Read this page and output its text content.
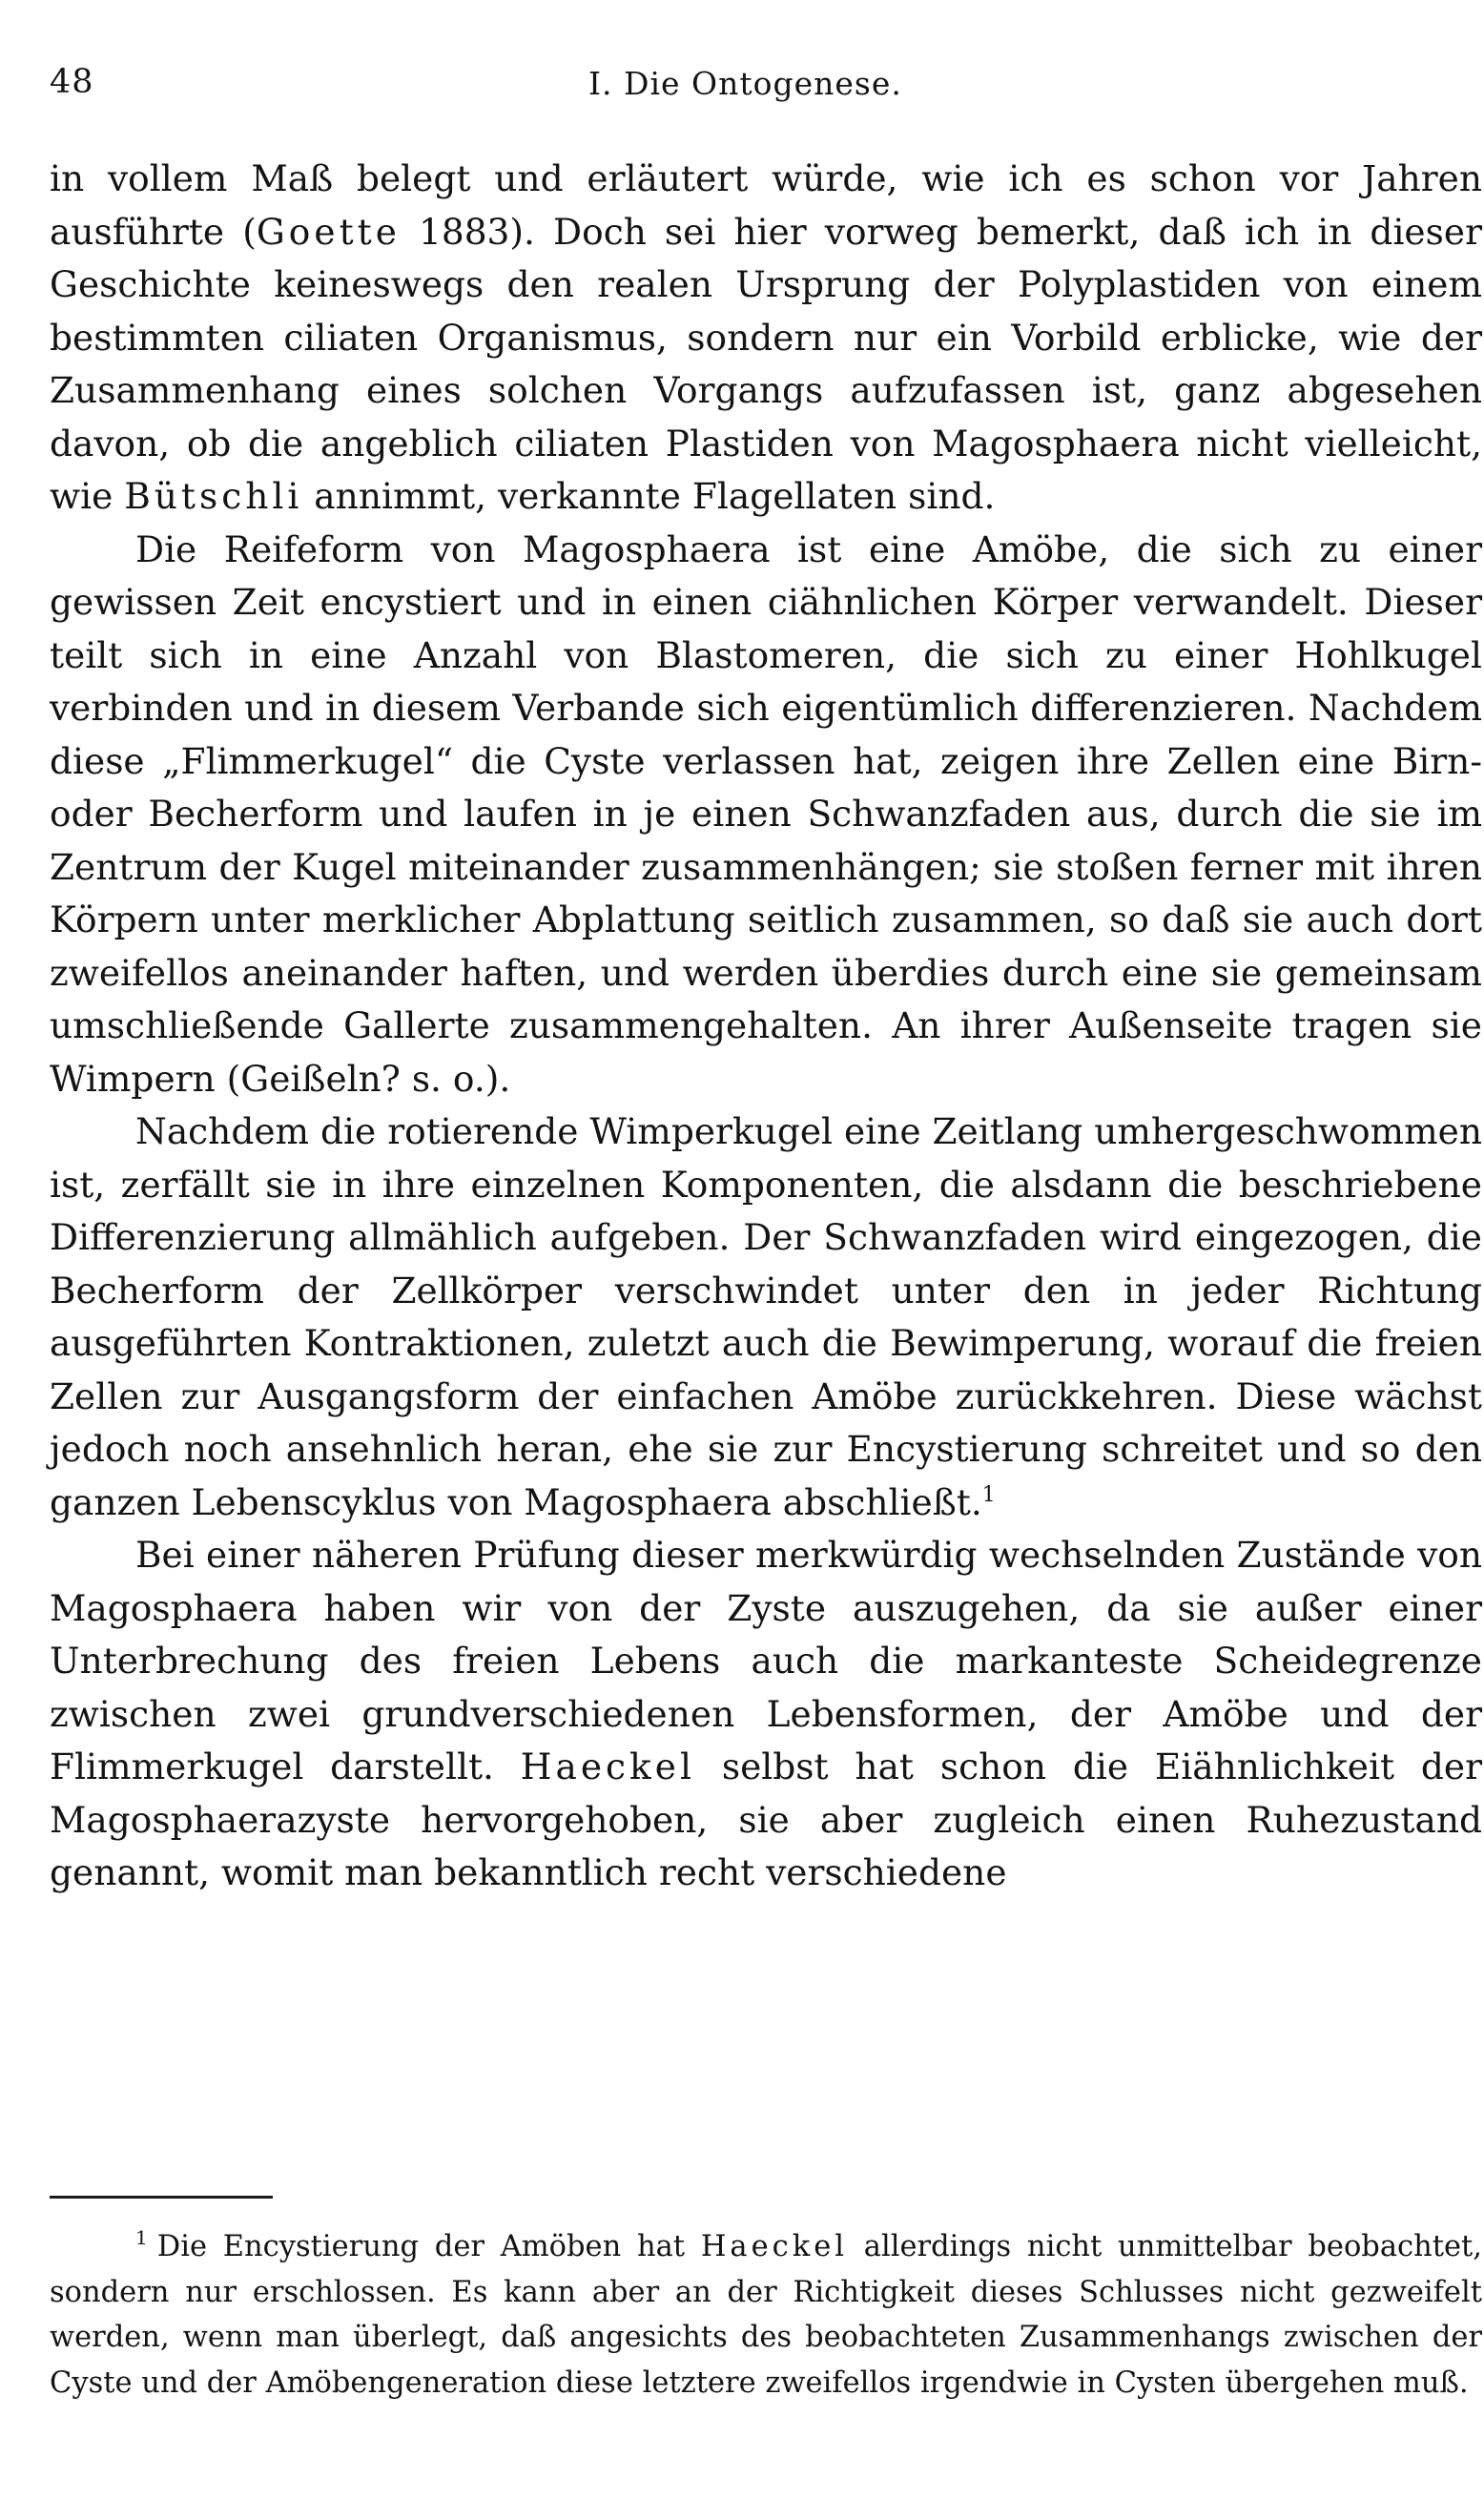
48	I. Die Ontogenese.

in vollem Maß belegt und erläutert würde, wie ich es schon vor Jahren ausführte (Goette 1883). Doch sei hier vorweg bemerkt, daß ich in dieser Geschichte keineswegs den realen Ursprung der Polyplastiden von einem bestimmten ciliaten Organismus, sondern nur ein Vorbild erblicke, wie der Zusammenhang eines solchen Vorgangs aufzufassen ist, ganz abgesehen davon, ob die angeblich ciliaten Plastiden von Magosphaera nicht vielleicht, wie Bütschli annimmt, verkannte Flagellaten sind.

Die Reifeform von Magosphaera ist eine Amöbe, die sich zu einer gewissen Zeit encystiert und in einen ciähnlichen Körper verwandelt. Dieser teilt sich in eine Anzahl von Blastomeren, die sich zu einer Hohlkugel verbinden und in diesem Verbande sich eigentümlich differenzieren. Nachdem diese „Flimmerkugel“ die Cyste verlassen hat, zeigen ihre Zellen eine Birn- oder Becherform und laufen in je einen Schwanzfaden aus, durch die sie im Zentrum der Kugel miteinander zusammenhängen; sie stoßen ferner mit ihren Körpern unter merklicher Abplattung seitlich zusammen, so daß sie auch dort zweifellos aneinander haften, und werden überdies durch eine sie gemeinsam umschließende Gallerte zusammengehalten. An ihrer Außenseite tragen sie Wimpern (Geißeln? s. o.).

Nachdem die rotierende Wimperkugel eine Zeitlang umhergeschwommen ist, zerfällt sie in ihre einzelnen Komponenten, die alsdann die beschriebene Differenzierung allmählich aufgeben. Der Schwanzfaden wird eingezogen, die Becherform der Zellkörper verschwindet unter den in jeder Richtung ausgeführten Kontraktionen, zuletzt auch die Bewimperung, worauf die freien Zellen zur Ausgangsform der einfachen Amöbe zurückkehren. Diese wächst jedoch noch ansehnlich heran, ehe sie zur Encystierung schreitet und so den ganzen Lebenscyklus von Magosphaera abschließt.$^1$

Bei einer näheren Prüfung dieser merkwürdig wechselnden Zustände von Magosphaera haben wir von der Zyste auszugehen, da sie außer einer Unterbrechung des freien Lebens auch die markanteste Scheidegrenze zwischen zwei grundverschiedenen Lebensformen, der Amöbe und der Flimmerkugel darstellt. Haeckel selbst hat schon die Eiähnlichkeit der Magosphaerazyste hervorgehoben, sie aber zugleich einen Ruhezustand genannt, womit man bekanntlich recht verschiedene

$^1$ Die Encystierung der Amöben hat Haeckel allerdings nicht unmittelbar beobachtet, sondern nur erschlossen. Es kann aber an der Richtigkeit dieses Schlusses nicht gezweifelt werden, wenn man überlegt, daß angesichts des beobachteten Zusammenhangs zwischen der Cyste und der Amöbengeneration diese letztere zweifellos irgendwie in Cysten übergehen muß.
